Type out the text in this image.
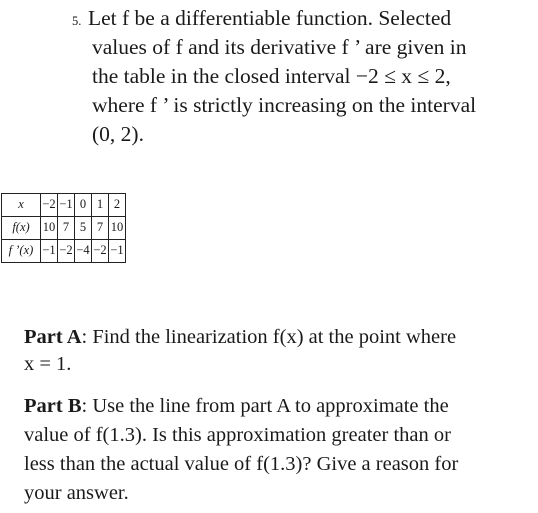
5. Let f be a differentiable function. Selected
values of f and its derivative f ’ are given in
the table in the closed interval −2 ≤ x ≤ 2,
where f ’ is strictly increasing on the interval
(0, 2).
x	−2	−1	0	1	2
f(x)	10	7	5	7	10
f ’(x)	−1	−2	−4	−2	−1
Part A: Find the linearization f(x) at the point where
x = 1.
Part B: Use the line from part A to approximate the
value of f(1.3). Is this approximation greater than or
less than the actual value of f(1.3)? Give a reason for
your answer.
